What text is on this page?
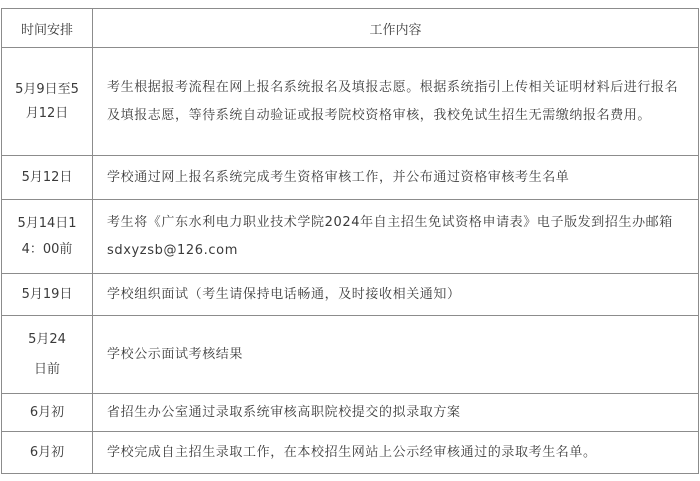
时间安排	工作内容
5月9日至5月12日	考生根据报考流程在网上报名系统报名及填报志愿。根据系统指引上传相关证明材料后进行报名及填报志愿，等待系统自动验证或报考院校资格审核，我校免试生招生无需缴纳报名费用。
5月12日	学校通过网上报名系统完成考生资格审核工作，并公布通过资格审核考生名单
5月14日14：00前	考生将《广东水利电力职业技术学院2024年自主招生免试资格申请表》电子版发到招生办邮箱sdxyzsb@126.com
5月19日	学校组织面试（考生请保持电话畅通，及时接收相关通知）
5月24日前	学校公示面试考核结果
6月初	省招生办公室通过录取系统审核高职院校提交的拟录取方案
6月初	学校完成自主招生录取工作，在本校招生网站上公示经审核通过的录取考生名单。
